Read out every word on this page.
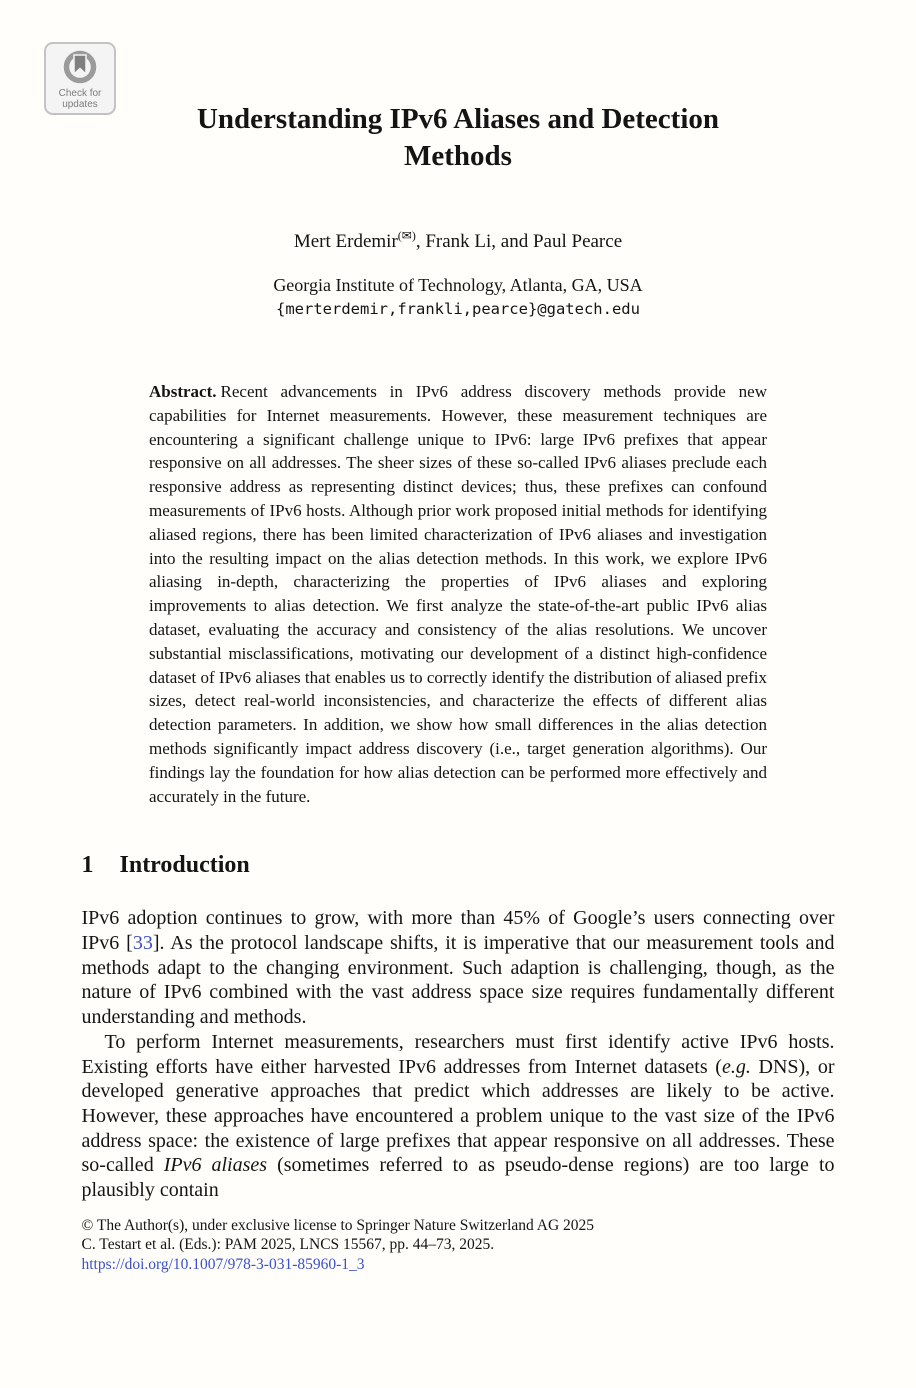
Check for
updates	Understanding IPv6 Aliases and Detection
Methods

Mert Erdemir(✉), Frank Li, and Paul Pearce

Georgia Institute of Technology, Atlanta, GA, USA

{merterdemir,frankli,pearce}@gatech.edu

Abstract. Recent advancements in IPv6 address discovery methods provide new capabilities for Internet measurements. However, these measurement techniques are encountering a significant challenge unique to IPv6: large IPv6 prefixes that appear responsive on all addresses. The sheer sizes of these so-called IPv6 aliases preclude each responsive address as representing distinct devices; thus, these prefixes can confound measurements of IPv6 hosts. Although prior work proposed initial methods for identifying aliased regions, there has been limited characterization of IPv6 aliases and investigation into the resulting impact on the alias detection methods. In this work, we explore IPv6 aliasing in-depth, characterizing the properties of IPv6 aliases and exploring improvements to alias detection. We first analyze the state-of-the-art public IPv6 alias dataset, evaluating the accuracy and consistency of the alias resolutions. We uncover substantial misclassifications, motivating our development of a distinct high-confidence dataset of IPv6 aliases that enables us to correctly identify the distribution of aliased prefix sizes, detect real-world inconsistencies, and characterize the effects of different alias detection parameters. In addition, we show how small differences in the alias detection methods significantly impact address discovery (i.e., target generation algorithms). Our findings lay the foundation for how alias detection can be performed more effectively and accurately in the future.
1 Introduction

IPv6 adoption continues to grow, with more than 45% of Google’s users connecting over IPv6 [33]. As the protocol landscape shifts, it is imperative that our measurement tools and methods adapt to the changing environment. Such adaption is challenging, though, as the nature of IPv6 combined with the vast address space size requires fundamentally different understanding and methods.

To perform Internet measurements, researchers must first identify active IPv6 hosts. Existing efforts have either harvested IPv6 addresses from Internet datasets (e.g. DNS), or developed generative approaches that predict which addresses are likely to be active. However, these approaches have encountered a problem unique to the vast size of the IPv6 address space: the existence of large prefixes that appear responsive on all addresses. These so-called IPv6 aliases (sometimes referred to as pseudo-dense regions) are too large to plausibly contain

© The Author(s), under exclusive license to Springer Nature Switzerland AG 2025

C. Testart et al. (Eds.): PAM 2025, LNCS 15567, pp. 44–73, 2025.

https://doi.org/10.1007/978-3-031-85960-1_3
